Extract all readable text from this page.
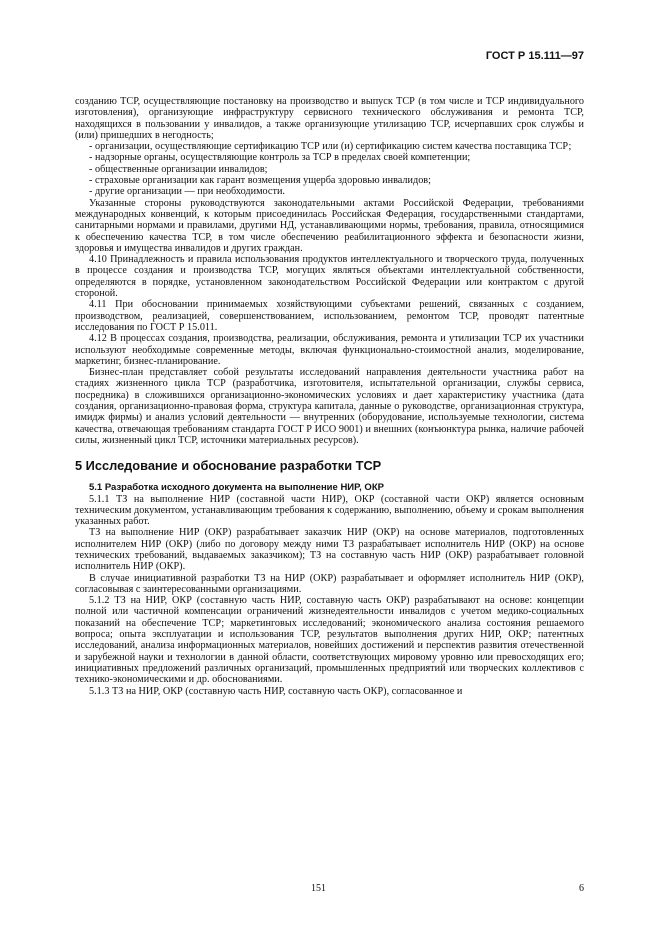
ГОСТ Р 15.111—97

созданию ТСР, осуществляющие постановку на производство и выпуск ТСР (в том числе и ТСР индивидуального изготовления), организующие инфраструктуру сервисного технического обслуживания и ремонта ТСР, находящихся в пользовании у инвалидов, а также организующие утилизацию ТСР, исчерпавших срок службы и (или) пришедших в негодность;

- организации, осуществляющие сертификацию ТСР или (и) сертификацию систем качества поставщика ТСР;

- надзорные органы, осуществляющие контроль за ТСР в пределах своей компетенции;

- общественные организации инвалидов;

- страховые организации как гарант возмещения ущерба здоровью инвалидов;

- другие организации — при необходимости.

Указанные стороны руководствуются законодательными актами Российской Федерации, требованиями международных конвенций, к которым присоединилась Российская Федерация, государственными стандартами, санитарными нормами и правилами, другими НД, устанавливающими нормы, требования, правила, относящимися к обеспечению качества ТСР, в том числе обеспечению реабилитационного эффекта и безопасности жизни, здоровья и имущества инвалидов и других граждан.

4.10 Принадлежность и правила использования продуктов интеллектуального и творческого труда, полученных в процессе создания и производства ТСР, могущих являться объектами интеллектуальной собственности, определяются в порядке, установленном законодательством Российской Федерации или контрактом с другой стороной.

4.11 При обосновании принимаемых хозяйствующими субъектами решений, связанных с созданием, производством, реализацией, совершенствованием, использованием, ремонтом ТСР, проводят патентные исследования по ГОСТ Р 15.011.

4.12 В процессах создания, производства, реализации, обслуживания, ремонта и утилизации ТСР их участники используют необходимые современные методы, включая функционально-стоимостной анализ, моделирование, маркетинг, бизнес-планирование.

Бизнес-план представляет собой результаты исследований направления деятельности участника работ на стадиях жизненного цикла ТСР (разработчика, изготовителя, испытательной организации, службы сервиса, посредника) в сложившихся организационно-экономических условиях и дает характеристику участника (дата создания, организационно-правовая форма, структура капитала, данные о руководстве, организационная структура, имидж фирмы) и анализ условий деятельности — внутренних (оборудование, используемые технологии, система качества, отвечающая требованиям стандарта ГОСТ Р ИСО 9001) и внешних (конъюнктура рынка, наличие рабочей силы, жизненный цикл ТСР, источники материальных ресурсов).

5 Исследование и обоснование разработки ТСР
5.1 Разработка исходного документа на выполнение НИР, ОКР

5.1.1 ТЗ на выполнение НИР (составной части НИР), ОКР (составной части ОКР) является основным техническим документом, устанавливающим требования к содержанию, выполнению, объему и срокам выполнения указанных работ.

ТЗ на выполнение НИР (ОКР) разрабатывает заказчик НИР (ОКР) на основе материалов, подготовленных исполнителем НИР (ОКР) (либо по договору между ними ТЗ разрабатывает исполнитель НИР (ОКР) на основе технических требований, выдаваемых заказчиком); ТЗ на составную часть НИР (ОКР) разрабатывает головной исполнитель НИР (ОКР).

В случае инициативной разработки ТЗ на НИР (ОКР) разрабатывает и оформляет исполнитель НИР (ОКР), согласовывая с заинтересованными организациями.

5.1.2 ТЗ на НИР, ОКР (составную часть НИР, составную часть ОКР) разрабатывают на основе: концепции полной или частичной компенсации ограничений жизнедеятельности инвалидов с учетом медико-социальных показаний на обеспечение ТСР; маркетинговых исследований; экономического анализа состояния решаемого вопроса; опыта эксплуатации и использования ТСР, результатов выполнения других НИР, ОКР; патентных исследований, анализа информационных материалов, новейших достижений и перспектив развития отечественной и зарубежной науки и технологии в данной области, соответствующих мировому уровню или превосходящих его; инициативных предложений различных организаций, промышленных предприятий или творческих коллективов с технико-экономическими и др. обоснованиями.

5.1.3 ТЗ на НИР, ОКР (составную часть НИР, составную часть ОКР), согласованное и

151	6
